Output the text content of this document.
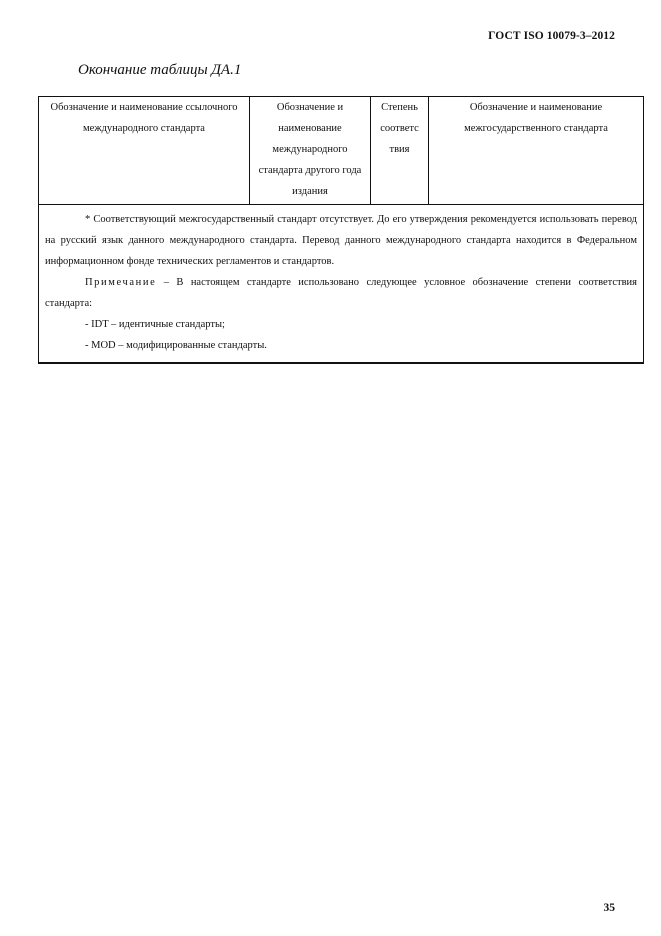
ГОСТ ISO 10079-3–2012
Окончание таблицы ДА.1
Обозначение и наименование ссылочного международного стандарта	Обозначение и наименование международного стандарта другого года издания	Степень соответс твия	Обозначение и наименование межгосударственного стандарта

* Соответствующий межгосударственный стандарт отсутствует. До его утверждения рекомендуется использовать перевод на русский язык данного международного стандарта. Перевод данного международного стандарта находится в Федеральном информационном фонде технических регламентов и стандартов.

Примечание – В настоящем стандарте использовано следующее условное обозначение степени соответствия стандарта:

- IDT – идентичные стандарты;

- MOD – модифицированные стандарты.

35
